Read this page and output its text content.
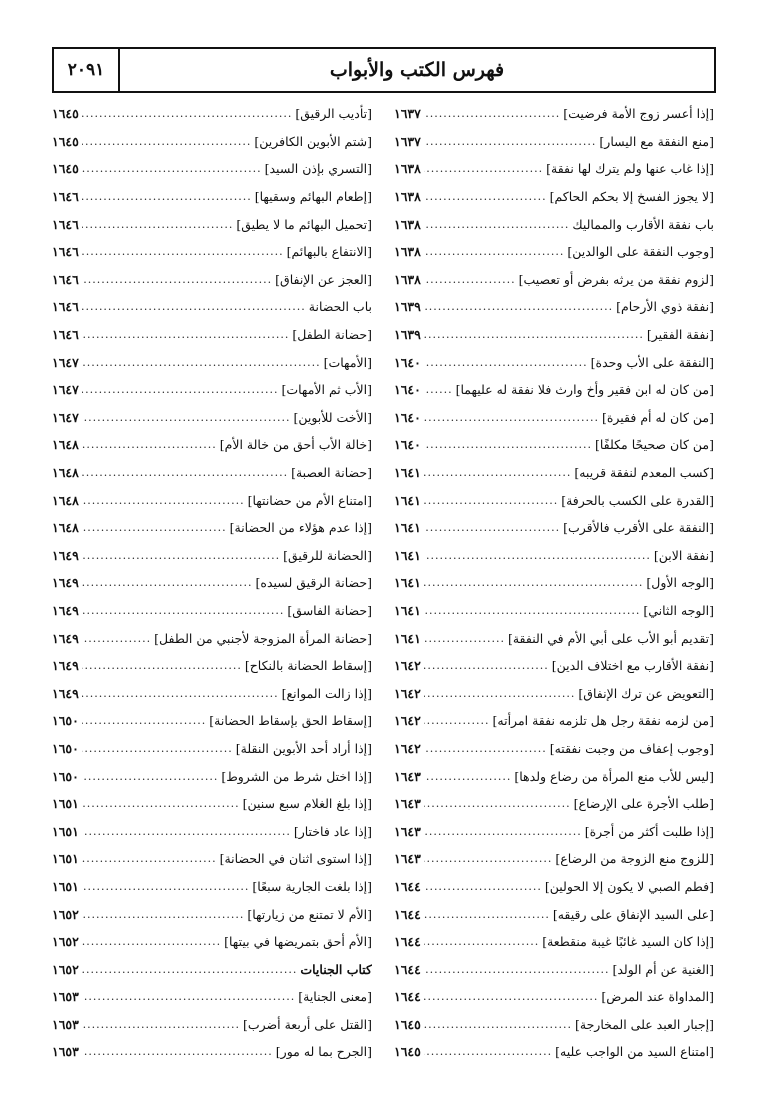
٢٠٩١	فهرس الكتب والأبواب
[إذا أعسر زوج الأمة فرضيت]
.....
١٦٣٧
[منع النفقة مع اليسار]
.....
١٦٣٧
[إذا غاب عنها ولم يترك لها نفقة]
.....
١٦٣٨
[لا يجوز الفسخ إلا بحكم الحاكم]
.....
١٦٣٨
باب نفقة الأقارب والمماليك
.....
١٦٣٨
[وجوب النفقة على الوالدين]
.....
١٦٣٨
[لزوم نفقة من يرثه بفرض أو تعصيب]
.....
١٦٣٨
[نفقة ذوي الأرحام]
.....
١٦٣٩
[نفقة الفقير]
.....
١٦٣٩
[النفقة على الأب وحدة]
.....
١٦٤٠
[من كان له ابن فقير وأخ وارث فلا نفقة له عليهما]
.....
١٦٤٠
[من كان له أم فقيرة]
.....
١٦٤٠
[من كان صحيحًا مكلفًا]
.....
١٦٤٠
[كسب المعدم لنفقة قريبه]
.....
١٦٤١
[القدرة على الكسب بالحرفة]
.....
١٦٤١
[النفقة على الأقرب فالأقرب]
.....
١٦٤١
[نفقة الابن]
.....
١٦٤١
[الوجه الأول]
.....
١٦٤١
[الوجه الثاني]
.....
١٦٤١
[تقديم أبو الأب على أبي الأم في النفقة]
.....
١٦٤١
[نفقة الأقارب مع اختلاف الدين]
.....
١٦٤٢
[التعويض عن ترك الإنفاق]
.....
١٦٤٢
[من لزمه نفقة رجل هل تلزمه نفقة امرأته]
.....
١٦٤٢
[وجوب إعفاف من وجبت نفقته]
.....
١٦٤٢
[ليس للأب منع المرأة من رضاع ولدها]
.....
١٦٤٣
[طلب الأجرة على الإرضاع]
.....
١٦٤٣
[إذا طلبت أكثر من أجرة]
.....
١٦٤٣
[للزوج منع الزوجة من الرضاع]
.....
١٦٤٣
[فطم الصبي لا يكون إلا الحولين]
.....
١٦٤٤
[على السيد الإنفاق على رقيقه]
.....
١٦٤٤
[إذا كان السيد غائبًا غيبة منقطعة]
.....
١٦٤٤
[الغنية عن أم الولد]
.....
١٦٤٤
[المداواة عند المرض]
.....
١٦٤٤
[إجبار العبد على المخارجة]
.....
١٦٤٥
[امتناع السيد من الواجب عليه]
.....
١٦٤٥
[تأديب الرقيق]
.....
١٦٤٥
[شتم الأبوين الكافرين]
.....
١٦٤٥
[التسري بإذن السيد]
.....
١٦٤٥
[إطعام البهائم وسقيها]
.....
١٦٤٦
[تحميل البهائم ما لا يطيق]
.....
١٦٤٦
[الانتفاع بالبهائم]
.....
١٦٤٦
[العجز عن الإنفاق]
.....
١٦٤٦
باب الحضانة
.....
١٦٤٦
[حضانة الطفل]
.....
١٦٤٦
[الأمهات]
.....
١٦٤٧
[الأب ثم الأمهات]
.....
١٦٤٧
[الأخت للأبوين]
.....
١٦٤٧
[خالة الأب أحق من خالة الأم]
.....
١٦٤٨
[حضانة العصبة]
.....
١٦٤٨
[امتناع الأم من حضانتها]
.....
١٦٤٨
[إذا عدم هؤلاء من الحضانة]
.....
١٦٤٨
[الحضانة للرقيق]
.....
١٦٤٩
[حضانة الرقيق لسيده]
.....
١٦٤٩
[حضانة الفاسق]
.....
١٦٤٩
[حضانة المرأة المزوجة لأجنبي من الطفل]
.....
١٦٤٩
[إسقاط الحضانة بالنكاح]
.....
١٦٤٩
[إذا زالت الموانع]
.....
١٦٤٩
[إسقاط الحق بإسقاط الحضانة]
.....
١٦٥٠
[إذا أراد أحد الأبوين النقلة]
.....
١٦٥٠
[إذا اختل شرط من الشروط]
.....
١٦٥٠
[إذا بلغ الغلام سبع سنين]
.....
١٦٥١
[إذا عاد فاختار]
.....
١٦٥١
[إذا استوى اثنان في الحضانة]
.....
١٦٥١
[إذا بلغت الجارية سبعًا]
.....
١٦٥١
[الأم لا تمتنع من زيارتها]
.....
١٦٥٢
[الأم أحق بتمريضها في بيتها]
.....
١٦٥٢
كتاب الجنايات
.....
١٦٥٢
[معنى الجناية]
.....
١٦٥٣
[القتل على أربعة أضرب]
.....
١٦٥٣
[الجرح بما له مور]
.....
١٦٥٣
